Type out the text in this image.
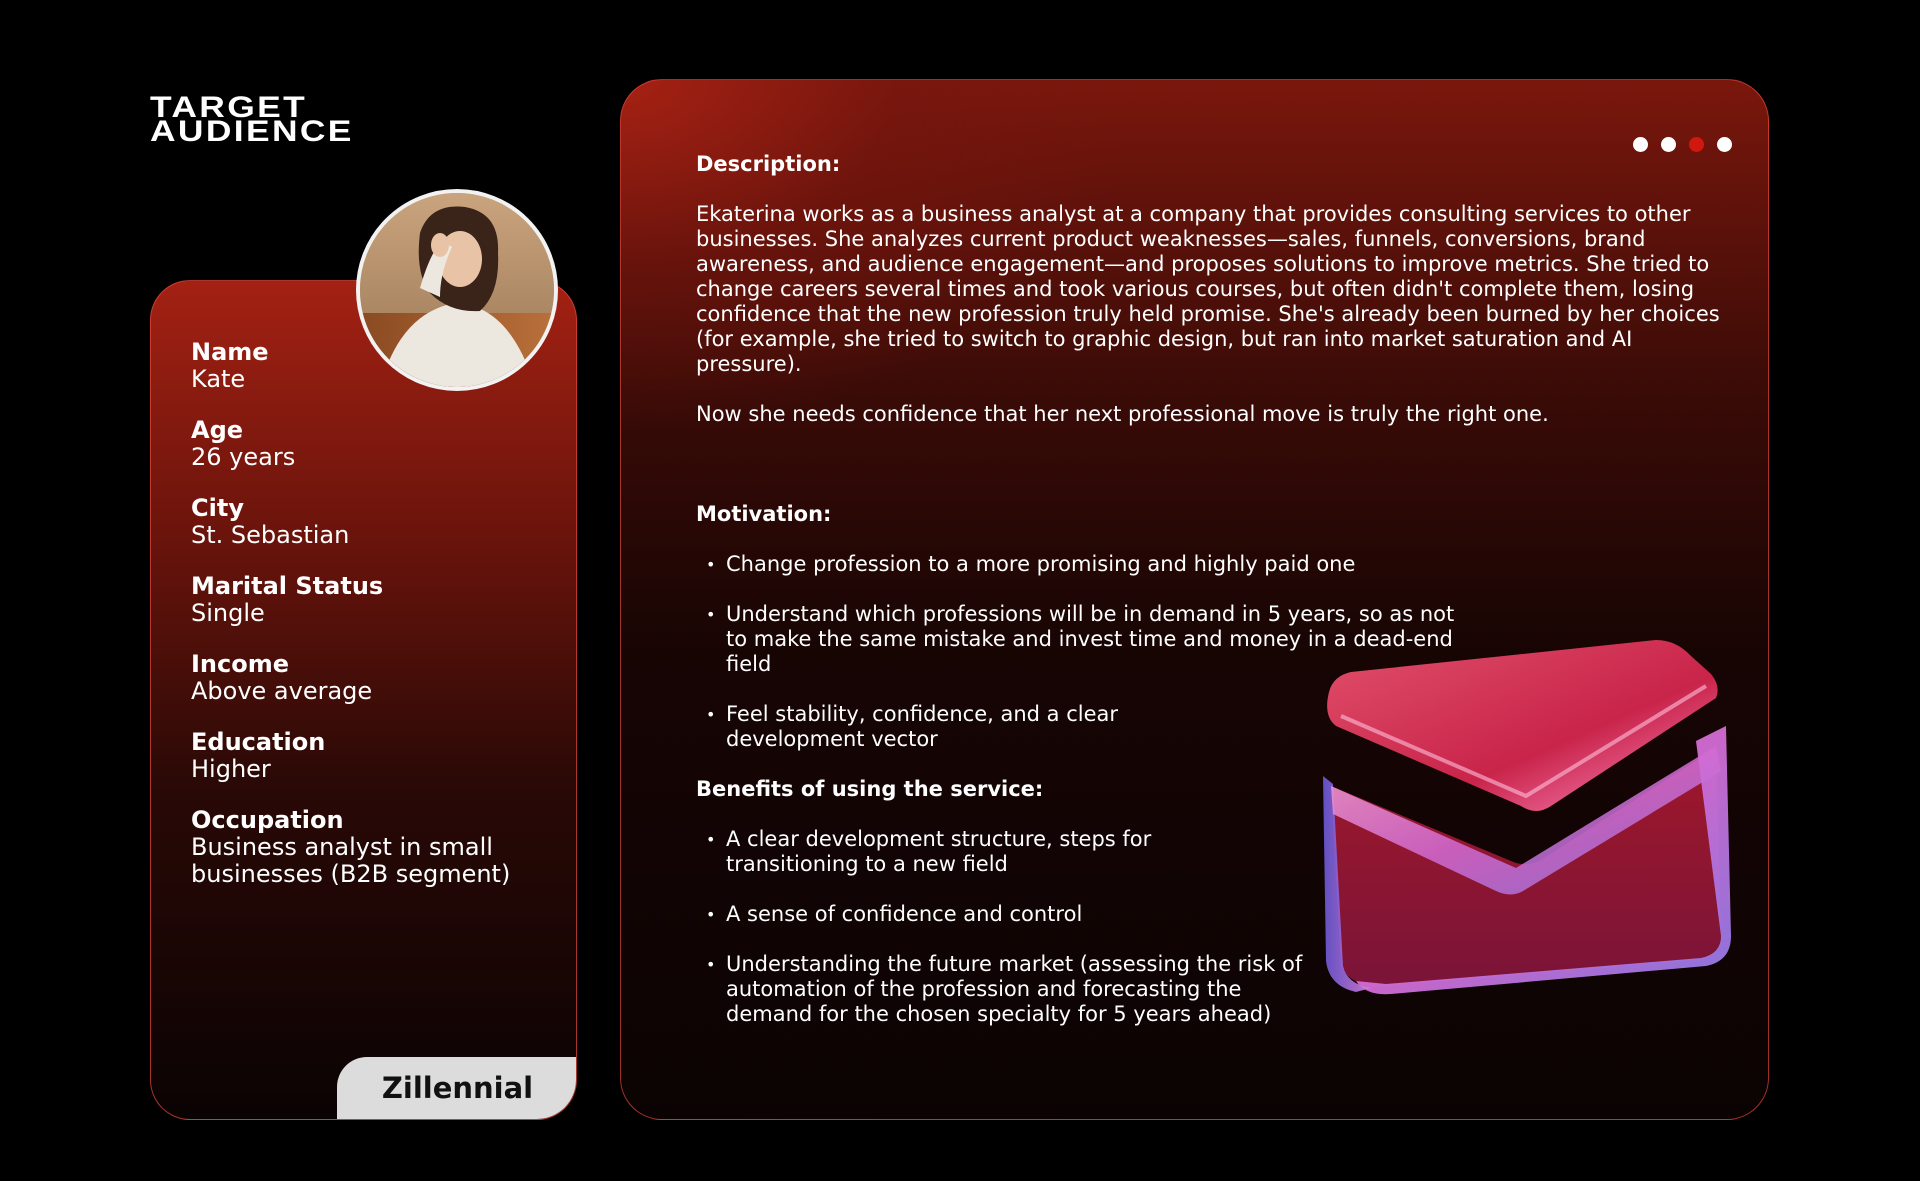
TARGET
AUDIENCE
Name
Kate
Age
26 years
City
St. Sebastian
Marital Status
Single
Income
Above average
Education
Higher
Occupation
Business analyst in small businesses (B2B segment)
Zillennial
Description:
Ekaterina works as a business analyst at a company that provides consulting services to other businesses. She analyzes current product weaknesses—sales, funnels, conversions, brand awareness, and audience engagement—and proposes solutions to improve metrics. She tried to change careers several times and took various courses, but often didn't complete them, losing confidence that the new profession truly held promise. She's already been burned by her choices (for example, she tried to switch to graphic design, but ran into market saturation and AI pressure).
Now she needs confidence that her next professional move is truly the right one.
Motivation:
• Change profession to a more promising and highly paid one
• Understand which professions will be in demand in 5 years, so as not to make the same mistake and invest time and money in a dead-end field
• Feel stability, confidence, and a clear development vector
Benefits of using the service:
• A clear development structure, steps for transitioning to a new field
• A sense of confidence and control
• Understanding the future market (assessing the risk of automation of the profession and forecasting the demand for the chosen specialty for 5 years ahead)
